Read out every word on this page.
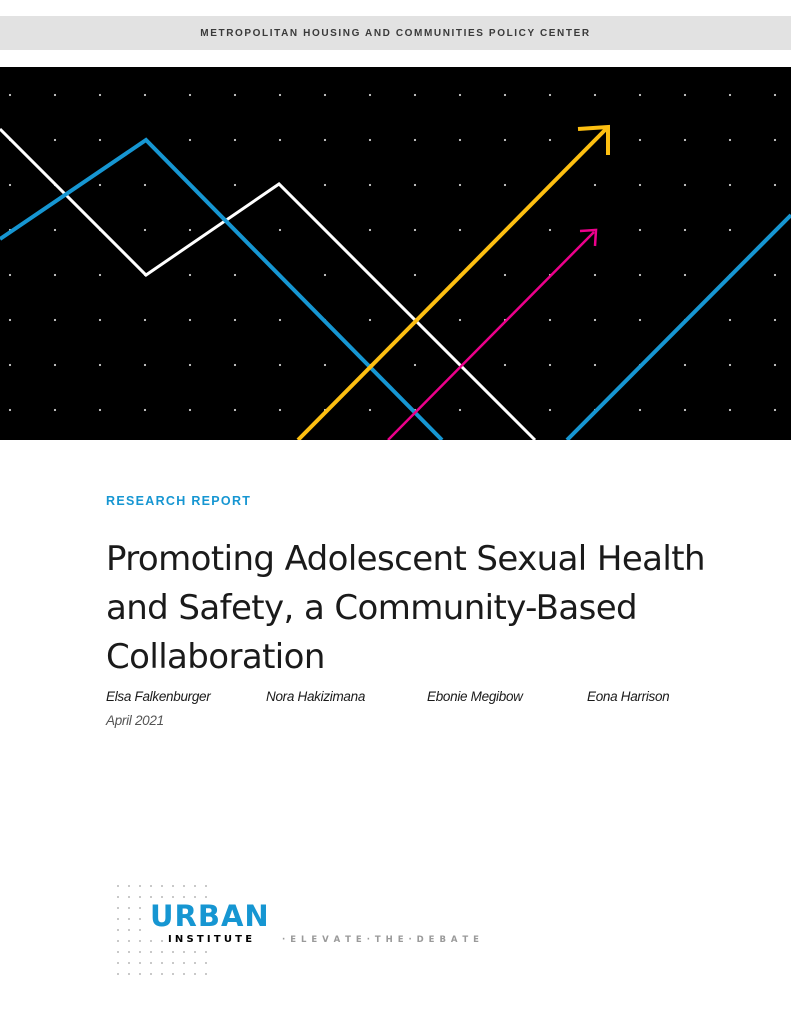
METROPOLITAN HOUSING AND COMMUNITIES POLICY CENTER
RESEARCH REPORT
Promoting Adolescent Sexual Health
and Safety, a Community-Based
Collaboration
Elsa Falkenburger	Nora Hakizimana	Ebonie Megibow	Eona Harrison
April 2021
URBAN
INSTITUTE	· E L E V A T E · T H E · D E B A T E
